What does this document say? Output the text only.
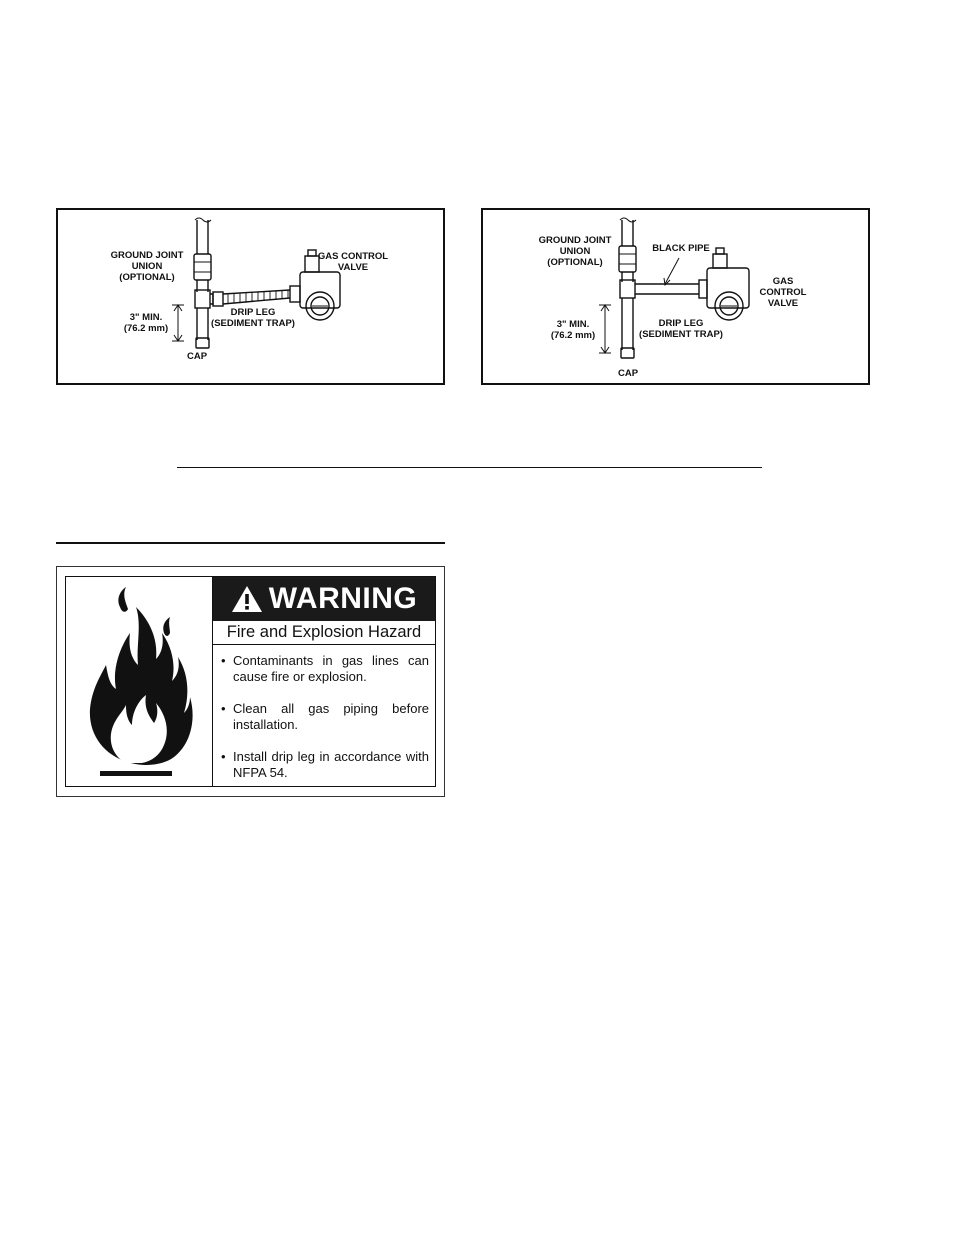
GROUND JOINT
UNION
(OPTIONAL)
GAS CONTROL
VALVE
3" MIN.
(76.2 mm)
DRIP LEG
(SEDIMENT TRAP)
CAP
GROUND JOINT
UNION
(OPTIONAL)
BLACK PIPE
GAS
CONTROL
VALVE
3" MIN.
(76.2 mm)
DRIP LEG
(SEDIMENT TRAP)
CAP
WARNING
Fire and Explosion Hazard
• Contaminants in gas lines can cause fire or explosion.
• Clean all gas piping before installation.
• Install drip leg in accordance with NFPA 54.
